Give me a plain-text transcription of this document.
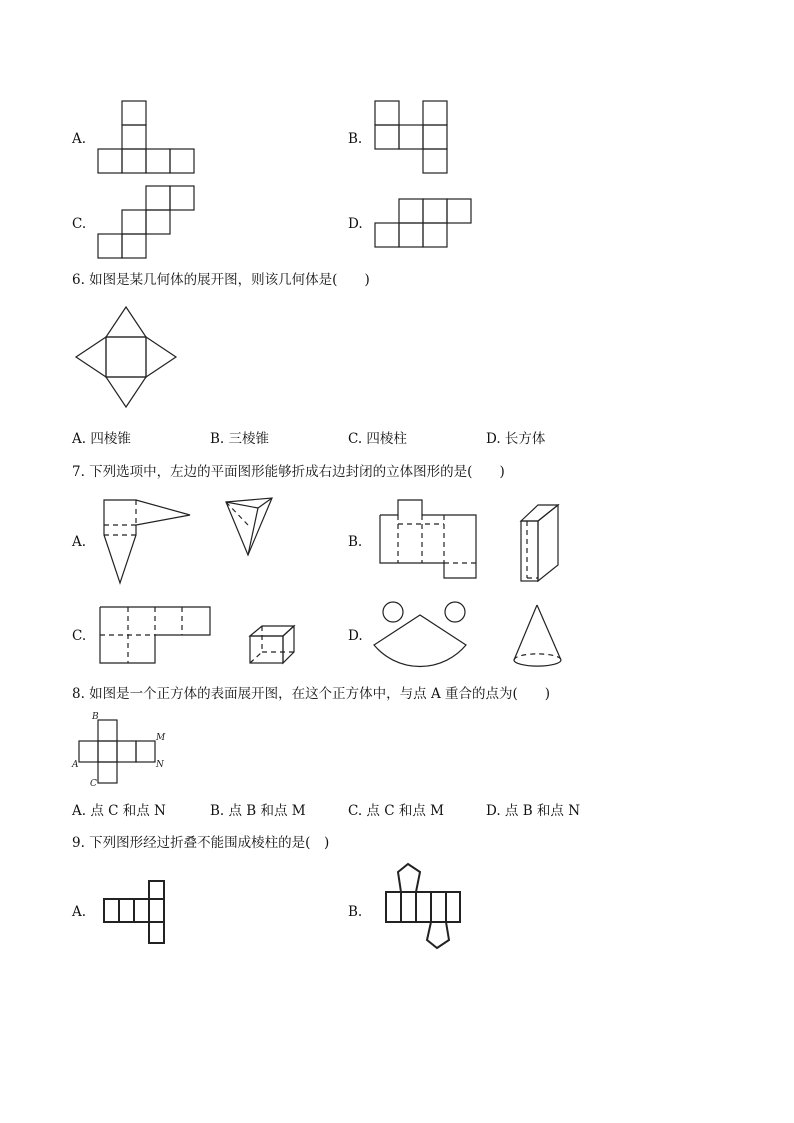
A.	B.
C.	D.
6. 如图是某几何体的展开图，则该几何体是(　　)
A. 四棱锥	B. 三棱锥	C. 四棱柱	D. 长方体
7. 下列选项中，左边的平面图形能够折成右边封闭的立体图形的是(　　)
A.	B.
C.	D.
8. 如图是一个正方体的表面展开图，在这个正方体中，与点 A 重合的点为(　　)
B
M
A	N
C
A. 点 C 和点 N	B. 点 B 和点 M	C. 点 C 和点 M	D. 点 B 和点 N
9. 下列图形经过折叠不能围成棱柱的是(　)
A.	B.
